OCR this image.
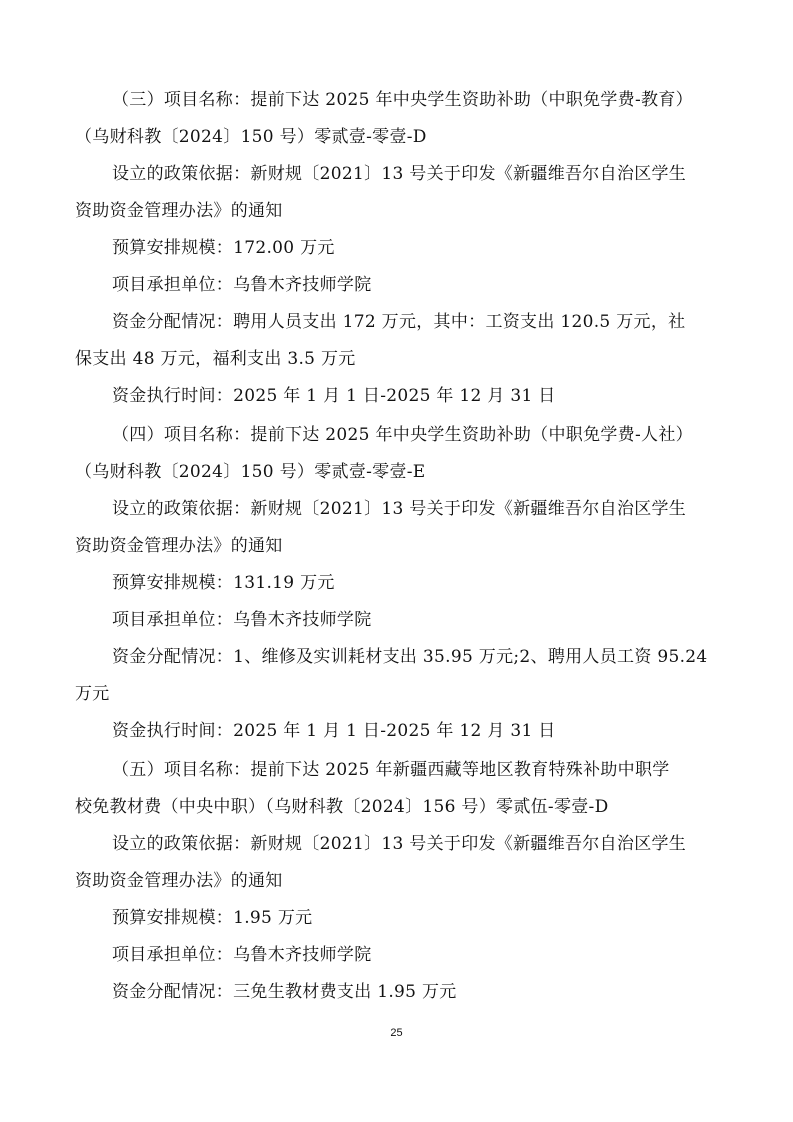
（三）项目名称：提前下达 2025 年中央学生资助补助（中职免学费-教育）
（乌财科教〔2024〕150 号）零贰壹-零壹-D
设立的政策依据：新财规〔2021〕13 号关于印发《新疆维吾尔自治区学生
资助资金管理办法》的通知
预算安排规模：172.00 万元
项目承担单位：乌鲁木齐技师学院
资金分配情况：聘用人员支出 172 万元，其中：工资支出 120.5 万元，社
保支出 48 万元，福利支出 3.5 万元
资金执行时间：2025 年 1 月 1 日-2025 年 12 月 31 日
（四）项目名称：提前下达 2025 年中央学生资助补助（中职免学费-人社）
（乌财科教〔2024〕150 号）零贰壹-零壹-E
设立的政策依据：新财规〔2021〕13 号关于印发《新疆维吾尔自治区学生
资助资金管理办法》的通知
预算安排规模：131.19 万元
项目承担单位：乌鲁木齐技师学院
资金分配情况：1、维修及实训耗材支出 35.95 万元;2、聘用人员工资 95.24
万元
资金执行时间：2025 年 1 月 1 日-2025 年 12 月 31 日
（五）项目名称：提前下达 2025 年新疆西藏等地区教育特殊补助中职学
校免教材费（中央中职）（乌财科教〔2024〕156 号）零贰伍-零壹-D
设立的政策依据：新财规〔2021〕13 号关于印发《新疆维吾尔自治区学生
资助资金管理办法》的通知
预算安排规模：1.95 万元
项目承担单位：乌鲁木齐技师学院
资金分配情况：三免生教材费支出 1.95 万元
25
